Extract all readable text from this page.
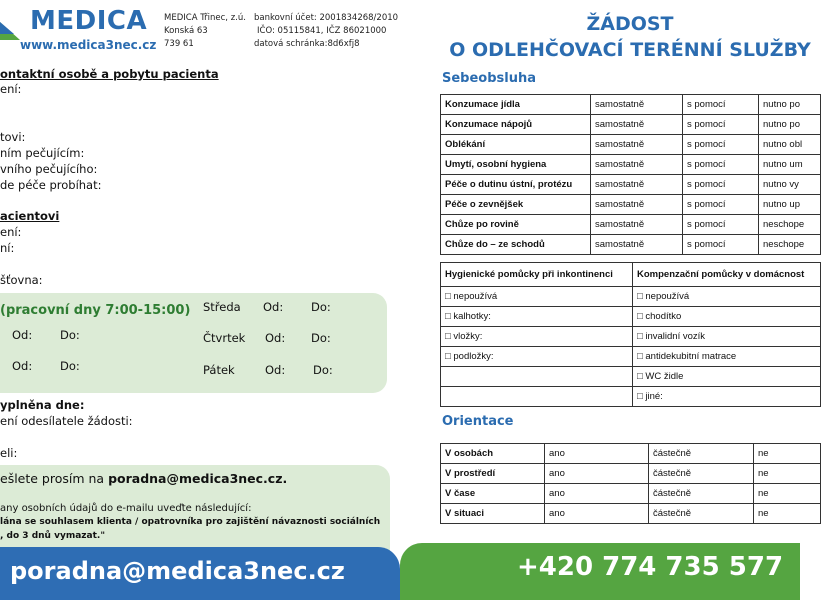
MEDICA
www.medica3nec.cz
MEDICA Třinec, z.ú.
Konská 63
739 61
bankovní účet: 2001834268/2010
IČO: 05115841, IČZ 86021000
datová schránka:8d6xfj8
ontaktní osobě a pobytu pacienta
ení:
tovi:
ním pečujícím:
vního pečujícího:
de péče probíhat:
acientovi
ení:
ní:
šťovna:
(pracovní dny 7:00-15:00)
Od: Do:
Od: Do:
Středa Od: Do:
Čtvrtek Od: Do:
Pátek	Od: Do:
yplněna dne:
ení odesílatele žádosti:
eli:
ešlete prosím na poradna@medica3nec.cz.
any osobních údajů do e-mailu uveďte následující:
lána se souhlasem klienta / opatrovníka pro zajištění návaznosti sociálních
, do 3 dnů vymazat."
poradna@medica3nec.cz
ŽÁDOST
O ODLEHČOVACÍ TERÉNNÍ SLUŽBY
Sebeobsluha
Konzumace jídla	samostatně	s pomocí	nutno po
Konzumace nápojů	samostatně	s pomocí	nutno po
Oblékání	samostatně	s pomocí	nutno obl
Umytí, osobní hygiena	samostatně	s pomocí	nutno um
Péče o dutinu ústní, protézu	samostatně	s pomocí	nutno vy
Péče o zevnějšek	samostatně	s pomocí	nutno up
Chůze po rovině	samostatně	s pomocí	neschope
Chůze do – ze schodů	samostatně	s pomocí	neschope
Hygienické pomůcky při inkontinenci	Kompenzační pomůcky v domácnost
□ nepoužívá	□ nepoužívá
□ kalhotky:	□ chodítko
□ vložky:	□ invalidní vozík
□ podložky:	□ antidekubitní matrace
	□ WC židle
	□ jiné:
Orientace
V osobách	ano	částečně	ne
V prostředí	ano	částečně	ne
V čase	ano	částečně	ne
V situaci	ano	částečně	ne
+420 774 735 577
